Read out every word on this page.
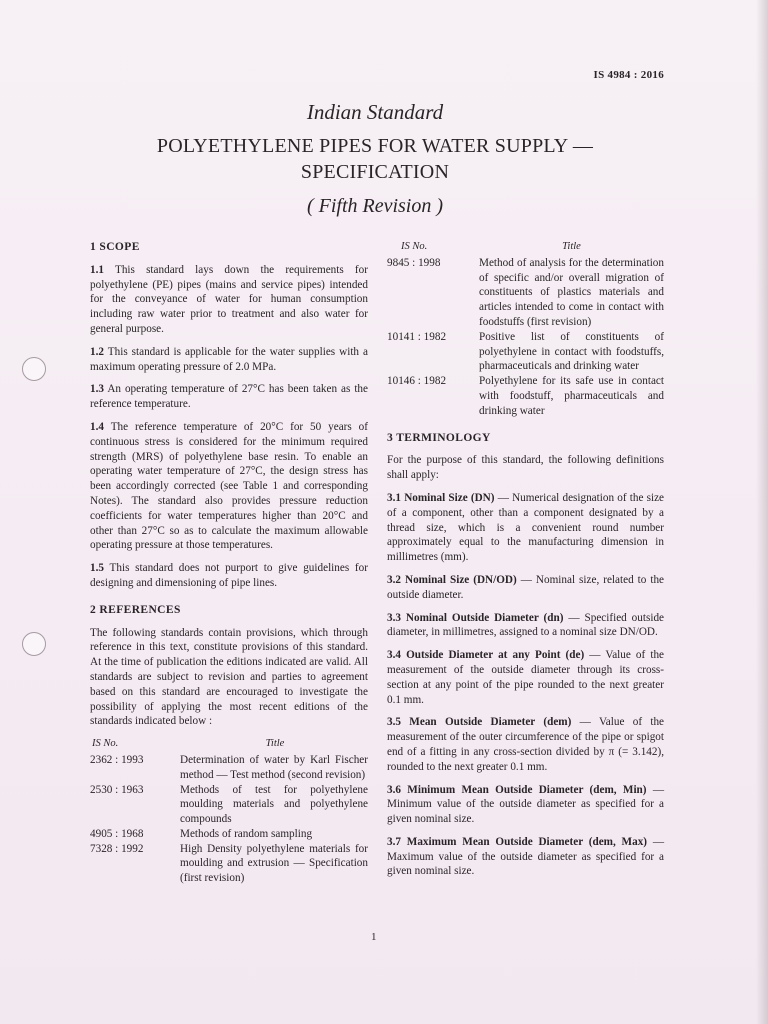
IS 4984 : 2016
Indian Standard
POLYETHYLENE PIPES FOR WATER SUPPLY —
SPECIFICATION
( Fifth Revision )
1 SCOPE

1.1 This standard lays down the requirements for polyethylene (PE) pipes (mains and service pipes) intended for the conveyance of water for human consumption including raw water prior to treatment and also water for general purpose.

1.2 This standard is applicable for the water supplies with a maximum operating pressure of 2.0 MPa.

1.3 An operating temperature of 27°C has been taken as the reference temperature.

1.4 The reference temperature of 20°C for 50 years of continuous stress is considered for the minimum required strength (MRS) of polyethylene base resin. To enable an operating water temperature of 27°C, the design stress has been accordingly corrected (see Table 1 and corresponding Notes). The standard also provides pressure reduction coefficients for water temperatures higher than 20°C and other than 27°C so as to calculate the maximum allowable operating pressure at those temperatures.

1.5 This standard does not purport to give guidelines for designing and dimensioning of pipe lines.

2 REFERENCES

The following standards contain provisions, which through reference in this text, constitute provisions of this standard. At the time of publication the editions indicated are valid. All standards are subject to revision and parties to agreement based on this standard are encouraged to investigate the possibility of applying the most recent editions of the standards indicated below :

IS No.	Title
2362 : 1993	Determination of water by Karl Fischer method — Test method (second revision)
2530 : 1963	Methods of test for polyethylene moulding materials and polyethylene compounds
4905 : 1968	Methods of random sampling
7328 : 1992	High Density polyethylene materials for moulding and extrusion — Specification (first revision)
IS No.	Title
9845 : 1998	Method of analysis for the determination of specific and/or overall migration of constituents of plastics materials and articles intended to come in contact with foodstuffs (first revision)
10141 : 1982	Positive list of constituents of polyethylene in contact with foodstuffs, pharmaceuticals and drinking water
10146 : 1982	Polyethylene for its safe use in contact with foodstuff, pharmaceuticals and drinking water
3 TERMINOLOGY

For the purpose of this standard, the following definitions shall apply:

3.1 Nominal Size (DN) — Numerical designation of the size of a component, other than a component designated by a thread size, which is a convenient round number approximately equal to the manufacturing dimension in millimetres (mm).

3.2 Nominal Size (DN/OD) — Nominal size, related to the outside diameter.

3.3 Nominal Outside Diameter (dn) — Specified outside diameter, in millimetres, assigned to a nominal size DN/OD.

3.4 Outside Diameter at any Point (de) — Value of the measurement of the outside diameter through its cross-section at any point of the pipe rounded to the next greater 0.1 mm.

3.5 Mean Outside Diameter (dem) — Value of the measurement of the outer circumference of the pipe or spigot end of a fitting in any cross-section divided by π (= 3.142), rounded to the next greater 0.1 mm.

3.6 Minimum Mean Outside Diameter (dem, Min) — Minimum value of the outside diameter as specified for a given nominal size.

3.7 Maximum Mean Outside Diameter (dem, Max) — Maximum value of the outside diameter as specified for a given nominal size.

1
